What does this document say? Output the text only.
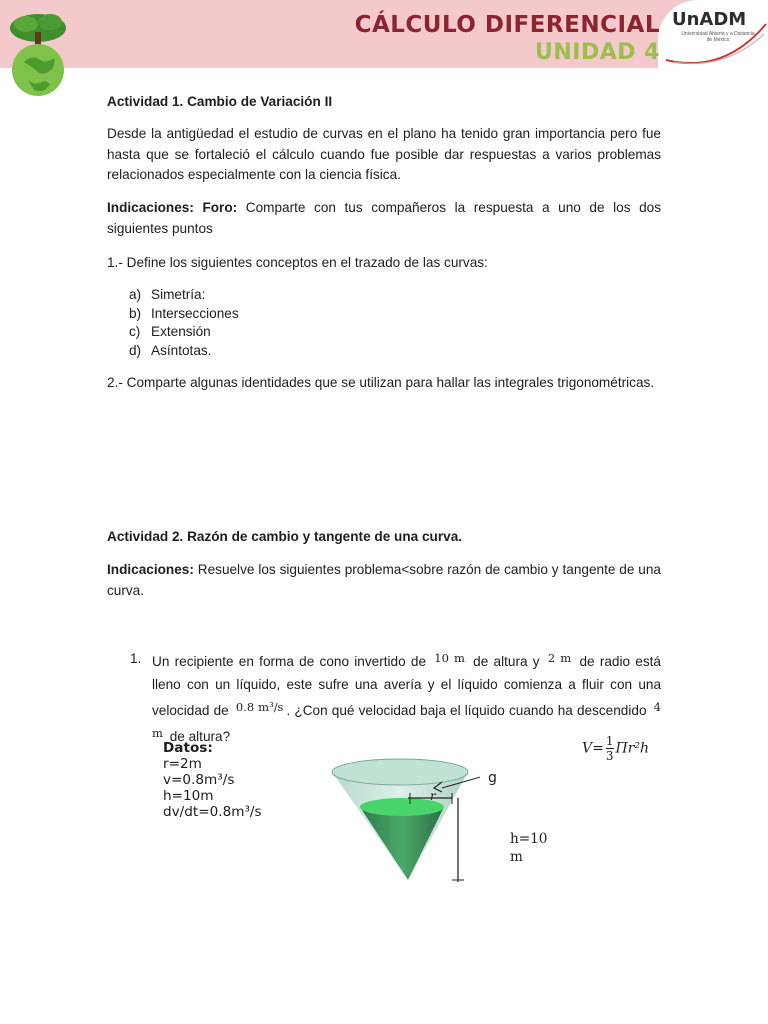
CÁLCULO DIFERENCIAL
UNIDAD 4
UnADM
Universidad Abierta y a Distancia de México
Actividad 1. Cambio de Variación II
Desde la antigüedad el estudio de curvas en el plano ha tenido gran importancia pero fue hasta que se fortaleció el cálculo cuando fue posible dar respuestas a varios problemas relacionados especialmente con la ciencia física.
Indicaciones: Foro: Comparte con tus compañeros la respuesta a uno de los dos siguientes puntos
1.- Define los siguientes conceptos en el trazado de las curvas:
a) Simetría:
b) Intersecciones
c) Extensión
d) Asíntotas.
2.- Comparte algunas identidades que se utilizan para hallar las integrales trigonométricas.
Actividad 2. Razón de cambio y tangente de una curva.
Indicaciones: Resuelve los siguientes problema<sobre razón de cambio y tangente de una curva.
1. Un recipiente en forma de cono invertido de $^{10 m}$ de altura y $^{2 m}$ de radio está lleno con un líquido, este sufre una avería y el líquido comienza a fluir con una velocidad de $^{0.8 m^3/s}$ . ¿Con qué velocidad baja el líquido cuando ha descendido $^{4 m}$ de altura?
Datos:
r=2m
v=0.8m³/s
h=10m
dv/dt=0.8m³/s
$V= \frac{1}{3} \Pi r^2h$
g
r
h=10 m
